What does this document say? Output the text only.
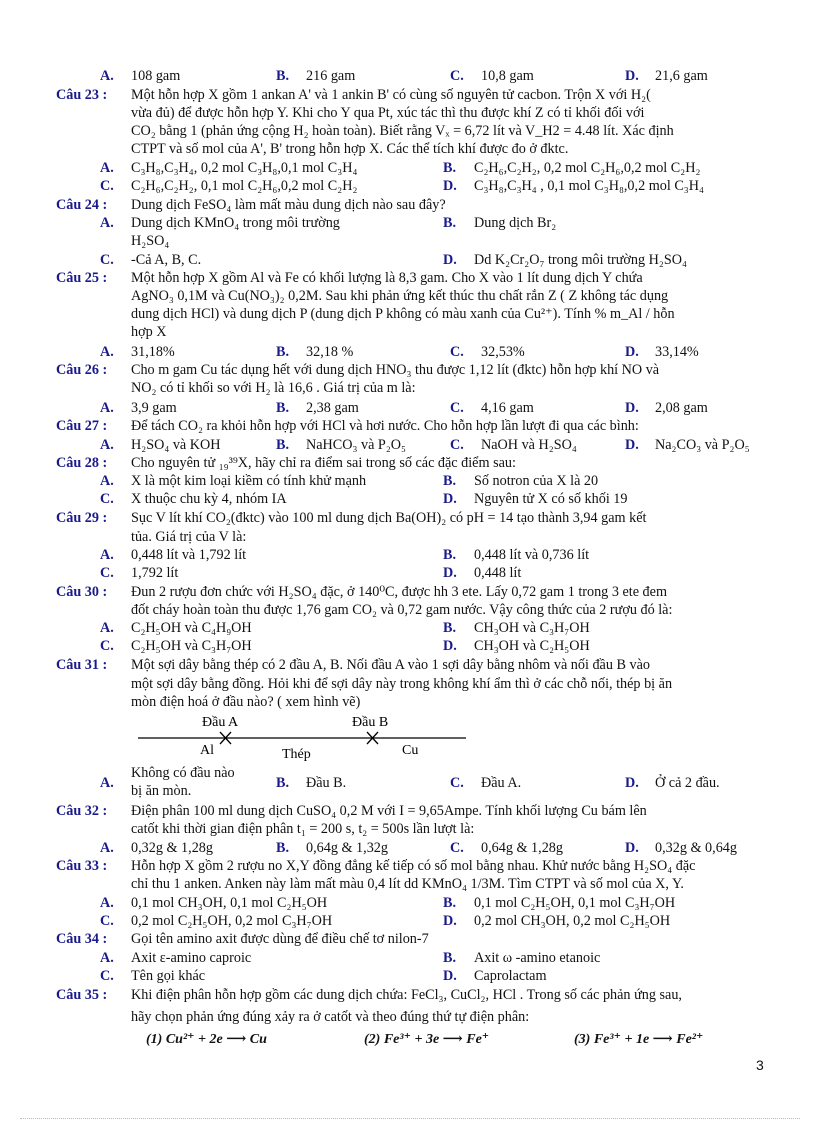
A. 108 gam	B. 216 gam	C. 10,8 gam	D. 21,6 gam
Câu 23 : Một hỗn hợp X gồm 1 ankan A' và 1 ankin B' có cùng số nguyên tử cacbon. Trộn X với H₂(
vừa đủ) để được hỗn hợp Y. Khi cho Y qua Pt, xúc tác thì thu được khí Z có tỉ khối đối với
CO₂ bằng 1 (phản ứng cộng H₂ hoàn toàn). Biết rằng Vₓ = 6,72 lít và V_H2 = 4.48 lít. Xác định
CTPT và số mol của A', B' trong hỗn hợp X. Các thể tích khí được đo ở đktc.
A. C₃H₈,C₃H₄, 0,2 mol C₃H₈,0,1 mol C₃H₄	B. C₂H₆,C₂H₂, 0,2 mol C₂H₆,0,2 mol C₂H₂
C. C₂H₆,C₂H₂, 0,1 mol C₂H₆,0,2 mol C₂H₂	D. C₃H₈,C₃H₄ , 0,1 mol C₃H₈,0,2 mol C₃H₄
Câu 24 : Dung dịch FeSO₄ làm mất màu dung dịch nào sau đây?
A. Dung dịch KMnO₄ trong môi trường	B. Dung dịch Br₂
H₂SO₄
C. -Cả A, B, C.	D. Dd K₂Cr₂O₇ trong môi trường H₂SO₄
Câu 25 : Một hỗn hợp X gồm Al và Fe có khối lượng là 8,3 gam. Cho X vào 1 lít dung dịch Y chứa
AgNO₃ 0,1M và Cu(NO₃)₂ 0,2M. Sau khi phản ứng kết thúc thu chất rắn Z ( Z không tác dụng
dung dịch HCl) và dung dịch P (dung dịch P không có màu xanh của Cu²⁺). Tính % m_Al / hỗn
hợp X
A. 31,18%	B. 32,18 %	C. 32,53%	D. 33,14%
Câu 26 : Cho m gam Cu tác dụng hết với dung dịch HNO₃ thu được 1,12 lít (đktc) hỗn hợp khí NO và
NO₂ có tỉ khối so với H₂ là 16,6 . Giá trị của m là:
A. 3,9 gam	B. 2,38 gam	C. 4,16 gam	D. 2,08 gam
Câu 27 : Để tách CO₂ ra khỏi hỗn hợp với HCl và hơi nước. Cho hỗn hợp lần lượt đi qua các bình:
A. H₂SO₄ và KOH	B. NaHCO₃ và P₂O₅	C. NaOH và H₂SO₄	D. Na₂CO₃ và P₂O₅
Câu 28 : Cho nguyên tử ₁₉³⁹X, hãy chỉ ra điểm sai trong số các đặc điểm sau:
A. X là một kim loại kiềm có tính khử mạnh	B. Số notron của X là 20
C. X thuộc chu kỳ 4, nhóm IA	D. Nguyên tử X có số khối 19
Câu 29 : Sục V lít khí CO₂(đktc) vào 100 ml dung dịch Ba(OH)₂ có pH = 14 tạo thành 3,94 gam kết
tủa. Giá trị của V là:
A. 0,448 lít và 1,792 lít	B. 0,448 lít và 0,736 lít
C. 1,792 lít	D. 0,448 lít
Câu 30 : Đun 2 rượu đơn chức với H₂SO₄ đặc, ở 140⁰C, được hh 3 ete. Lấy 0,72 gam 1 trong 3 ete đem
đốt cháy hoàn toàn thu được 1,76 gam CO₂ và 0,72 gam nước. Vậy công thức của 2 rượu đó là:
A. C₂H₅OH và C₄H₉OH	B. CH₃OH và C₃H₇OH
C. C₂H₅OH và C₃H₇OH	D. CH₃OH và C₂H₅OH
Câu 31 : Một sợi dây bằng thép có 2 đầu A, B. Nối đầu A vào 1 sợi dây bằng nhôm và nối đầu B vào
một sợi dây bằng đồng. Hỏi khi để sợi dây này trong không khí ẩm thì ở các chỗ nối, thép bị ăn
mòn điện hoá ở đầu nào? ( xem hình vẽ)
Đầu A	Đầu B
Al	Thép	Cu
Không có đầu nào
A.	B. Đầu B.	C. Đầu A.	D. Ở cả 2 đầu.
bị ăn mòn.
Câu 32 : Điện phân 100 ml dung dịch CuSO₄ 0,2 M với I = 9,65Ampe. Tính khối lượng Cu bám lên
catốt khi thời gian điện phân t₁ = 200 s, t₂ = 500s lần lượt là:
A. 0,32g & 1,28g	B. 0,64g & 1,32g	C. 0,64g & 1,28g	D. 0,32g & 0,64g
Câu 33 : Hỗn hợp X gồm 2 rượu no X,Y đồng đẳng kế tiếp có số mol bằng nhau. Khử nước bằng H₂SO₄ đặc
chỉ thu 1 anken. Anken này làm mất màu 0,4 lít dd KMnO₄ 1/3M. Tìm CTPT và số mol của X, Y.
A. 0,1 mol CH₃OH, 0,1 mol C₂H₅OH	B. 0,1 mol C₂H₅OH, 0,1 mol C₃H₇OH
C. 0,2 mol C₂H₅OH, 0,2 mol C₃H₇OH	D. 0,2 mol CH₃OH, 0,2 mol C₂H₅OH
Câu 34 : Gọi tên amino axit được dùng để điều chế tơ nilon-7
A. Axit ε-amino caproic	B. Axit ω -amino etanoic
C. Tên gọi khác	D. Caprolactam
Câu 35 : Khi điện phân hỗn hợp gồm các dung dịch chứa: FeCl₃, CuCl₂, HCl . Trong số các phản ứng sau,
hãy chọn phản ứng đúng xảy ra ở catốt và theo đúng thứ tự điện phân:
(1) Cu²⁺ + 2e ⟶ Cu	(2) Fe³⁺ + 3e ⟶ Fe⁺	(3) Fe³⁺ + 1e ⟶ Fe²⁺
3
